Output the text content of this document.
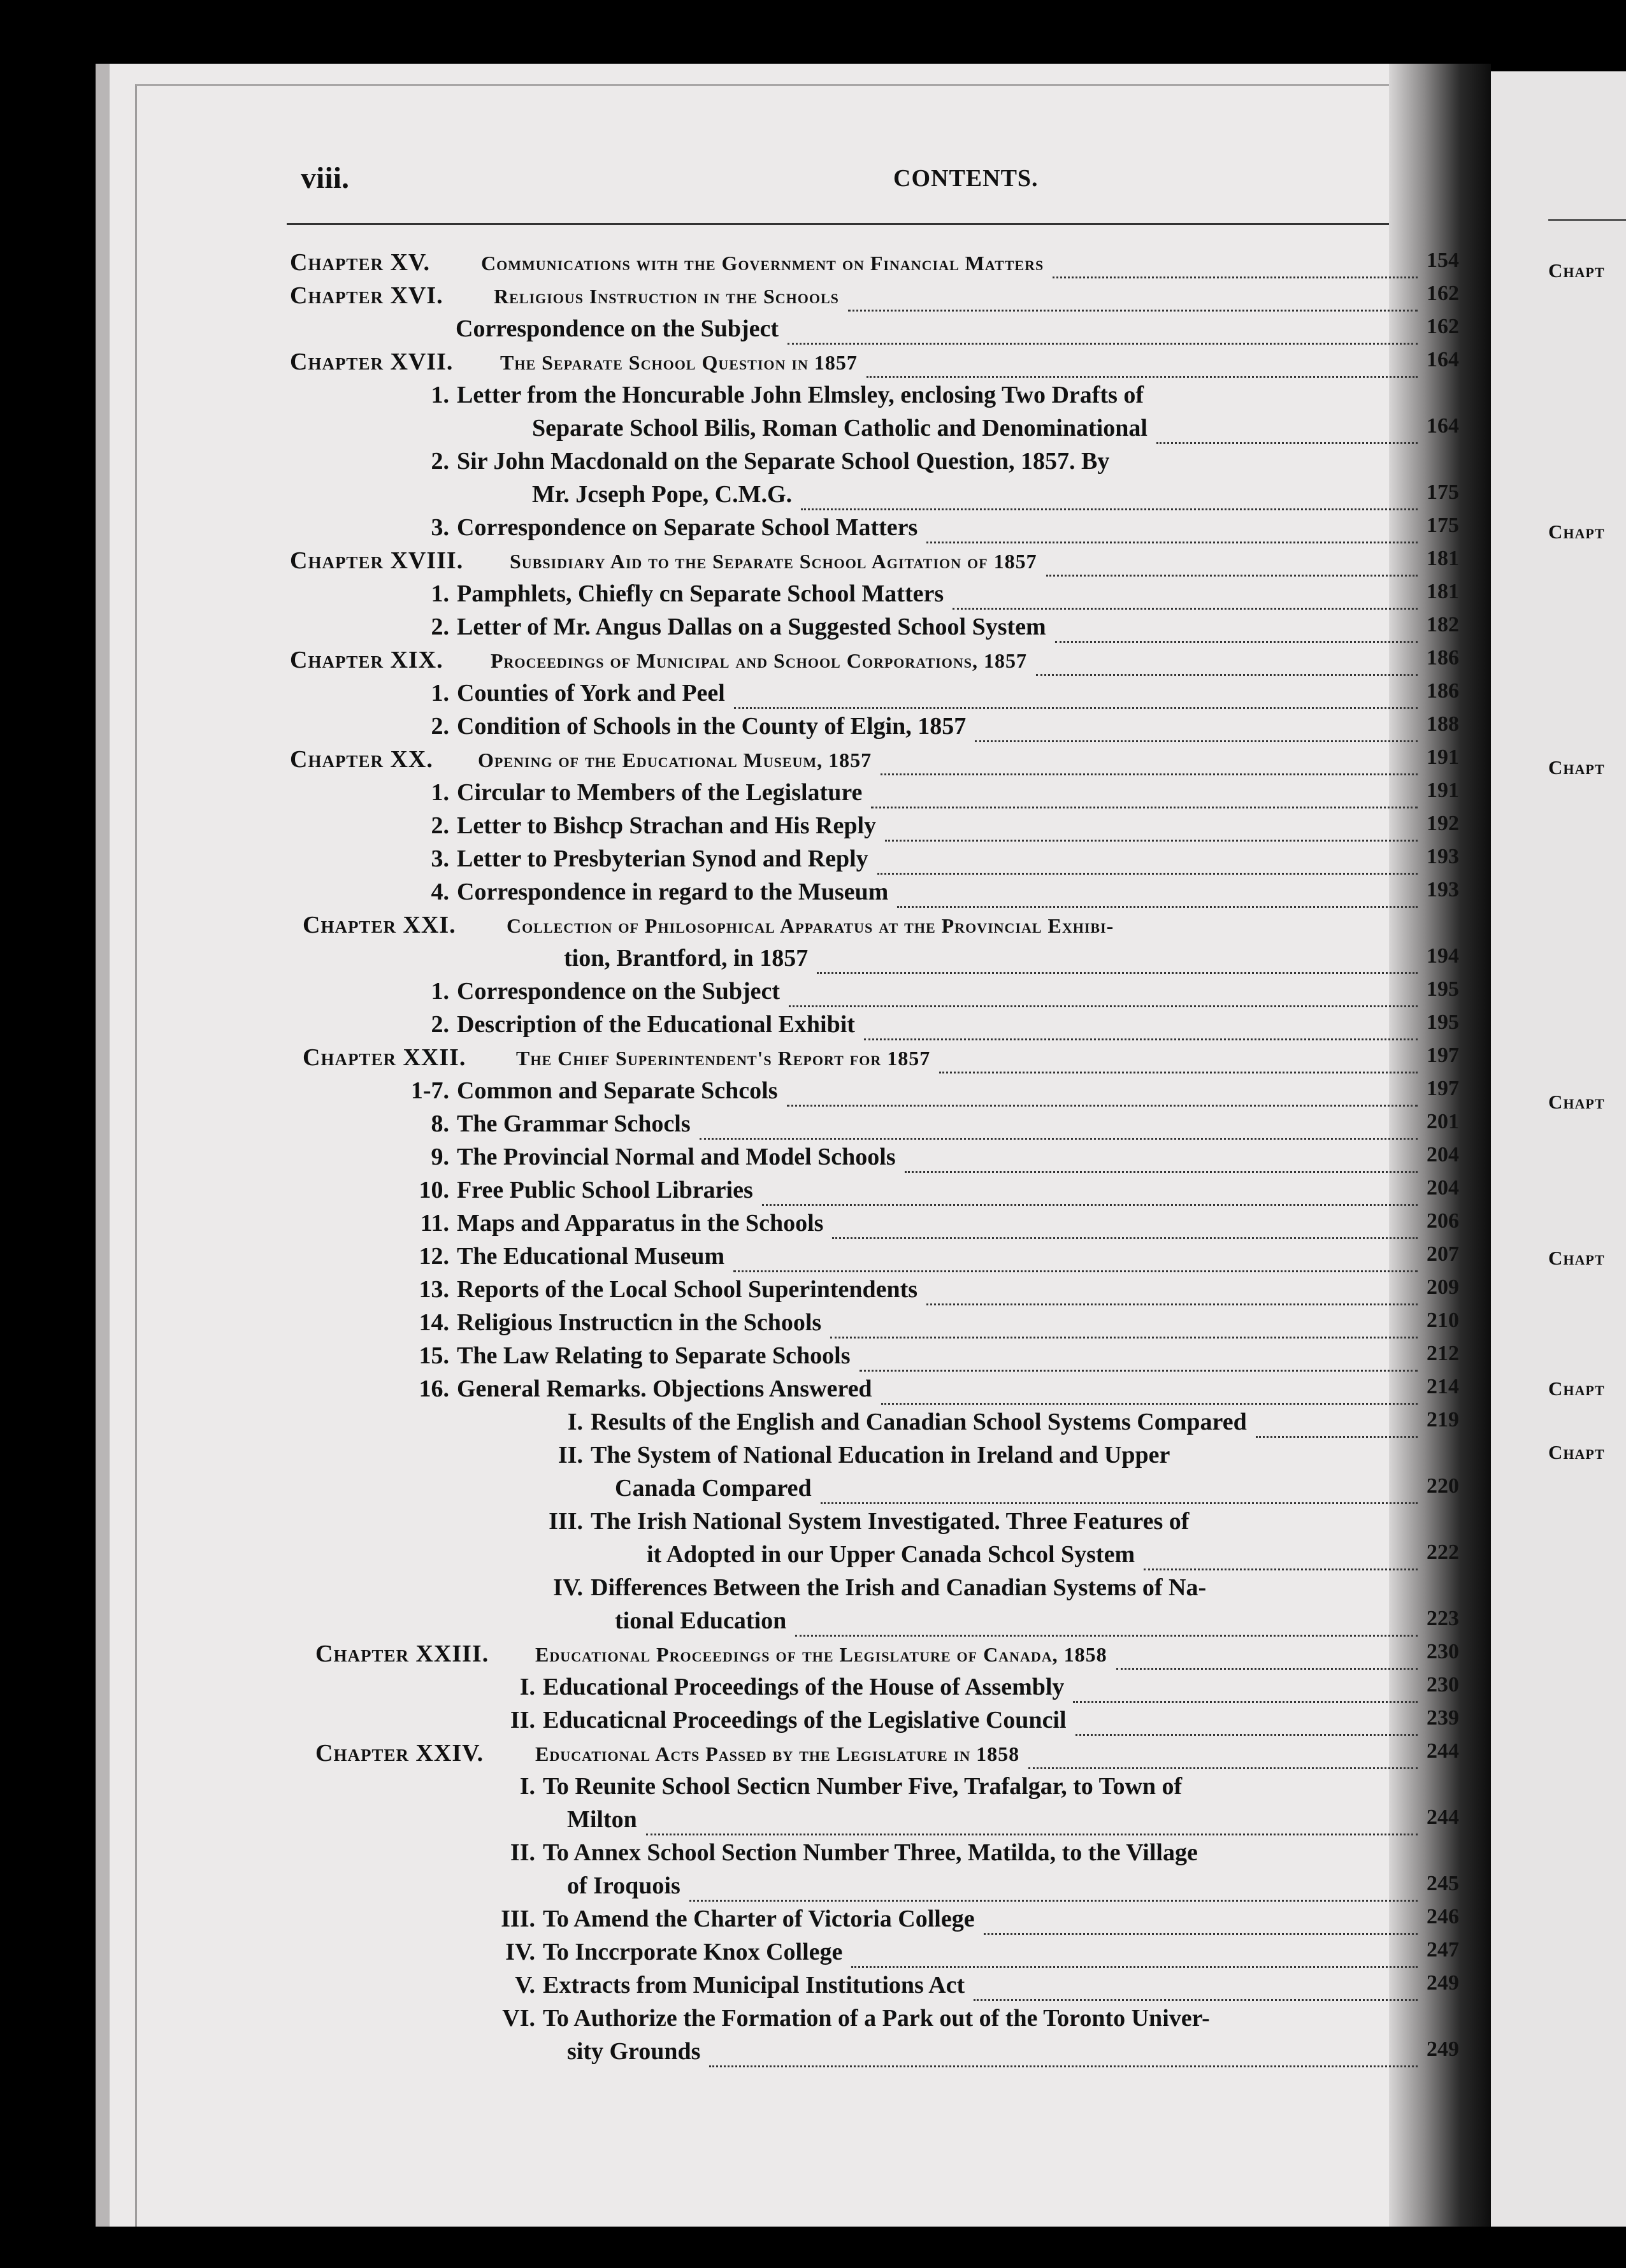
viii.	CONTENTS.
Chapt
Chapt
Chapt
Chapt
Chapt
Chapt
Chapt
Chapter XV.	Communications with the Government on Financial Matters	154
Chapter XVI. Religious Instruction in the Schools	162
Correspondence on the Subject	162
Chapter XVII. The Separate School Question in 1857	164
1. Letter from the Honcurable John Elmsley, enclosing Two Drafts of
Separate School Bilis, Roman Catholic and Denominational	164
2. Sir John Macdonald on the Separate School Question, 1857. By
Mr. Jcseph Pope, C.M.G.	175
3. Correspondence on Separate School Matters	175
Chapter XVIII. Subsidiary Aid to the Separate School Agitation of 1857	181
1. Pamphlets, Chiefly cn Separate School Matters	181
2. Letter of Mr. Angus Dallas on a Suggested School System	182
Chapter XIX. Proceedings of Municipal and School Corporations, 1857	186
1. Counties of York and Peel	186
2. Condition of Schools in the County of Elgin, 1857	188
Chapter XX. Opening of the Educational Museum, 1857	191
1. Circular to Members of the Legislature	191
2. Letter to Bishcp Strachan and His Reply	192
3. Letter to Presbyterian Synod and Reply	193
4. Correspondence in regard to the Museum	193
Chapter XXI. Collection of Philosophical Apparatus at the Provincial Exhibi-
tion, Brantford, in 1857	194
1. Correspondence on the Subject	195
2. Description of the Educational Exhibit	195
Chapter XXII. The Chief Superintendent's Report for 1857	197
1-7. Common and Separate Schcols	197
8. The Grammar Schocls	201
9. The Provincial Normal and Model Schools	204
10. Free Public School Libraries	204
11. Maps and Apparatus in the Schools	206
12. The Educational Museum	207
13. Reports of the Local School Superintendents	209
14. Religious Instructicn in the Schools	210
15. The Law Relating to Separate Schools	212
16. General Remarks. Objections Answered	214
I. Results of the English and Canadian School Systems Compared	219
II. The System of National Education in Ireland and Upper
Canada Compared	220
III. The Irish National System Investigated. Three Features of
it Adopted in our Upper Canada Schcol System	222
IV. Differences Between the Irish and Canadian Systems of Na-
tional Education	223
Chapter XXIII. Educational Proceedings of the Legislature of Canada, 1858	230
I. Educational Proceedings of the House of Assembly	230
II. Educaticnal Proceedings of the Legislative Council	239
Chapter XXIV.	Educational Acts Passed by the Legislature in 1858	244
I. To Reunite School Secticn Number Five, Trafalgar, to Town of
Milton	244
II. To Annex School Section Number Three, Matilda, to the Village
of Iroquois	245
III. To Amend the Charter of Victoria College	246
IV. To Inccrporate Knox College	247
V. Extracts from Municipal Institutions Act	249
VI. To Authorize the Formation of a Park out of the Toronto Univer-
sity Grounds	249
